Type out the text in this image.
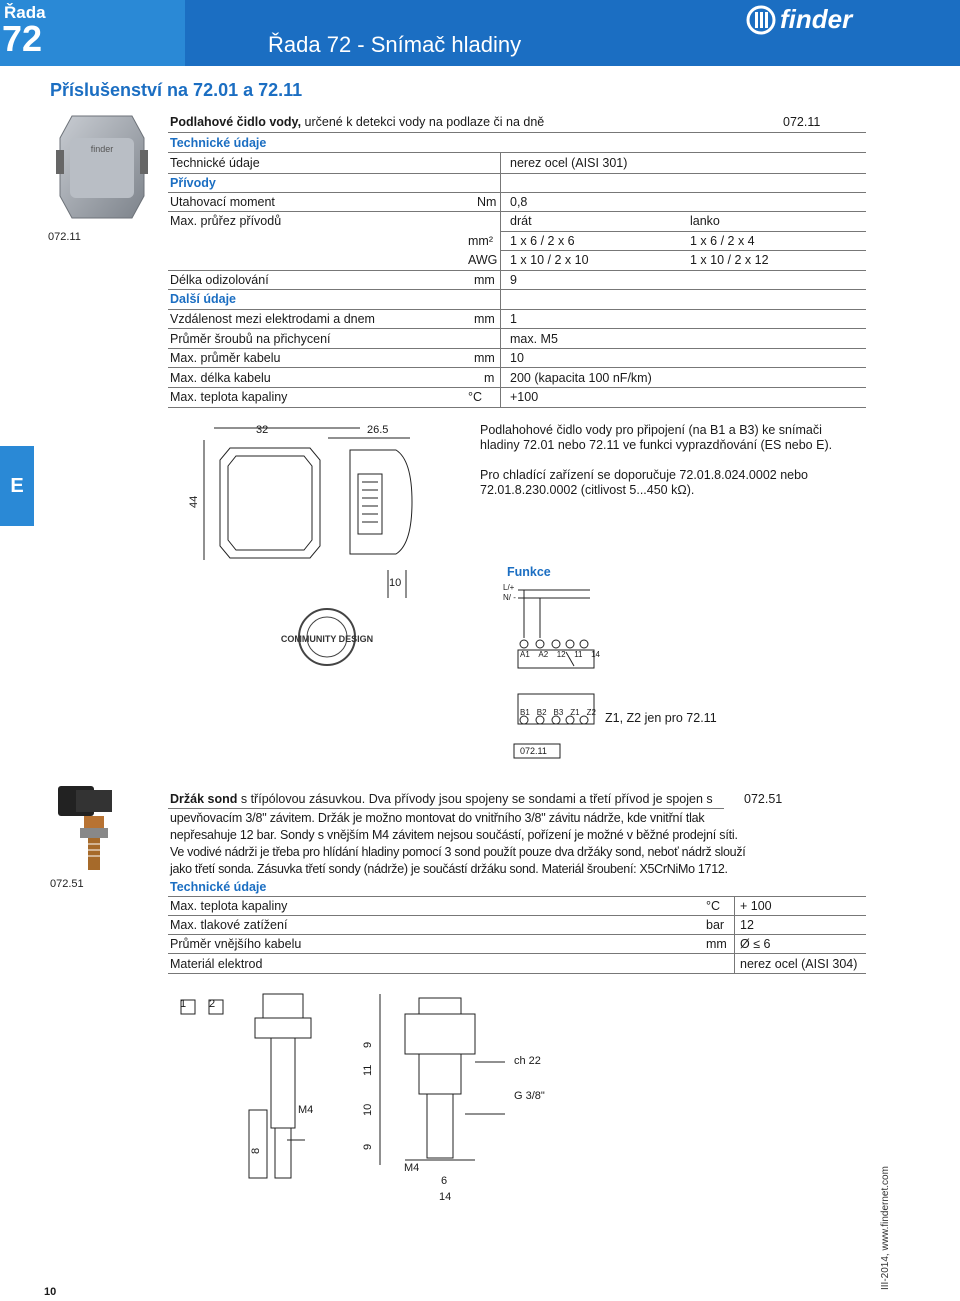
Řada
72	Řada 72 - Snímač hladiny
finder
Příslušenství na 72.01 a 72.11
finder
072.11
Podlahové čidlo vody, určené k detekci vody na podlaze či na dně	072.11
Technické údaje
Technické údaje	nerez ocel (AISI 301)
Přívody
Utahovací moment	Nm 0,8
Max. průřez přívodů	drát	lanko
mm² 1 x 6 / 2 x 6	1 x 6 / 2 x 4
AWG 1 x 10 / 2 x 10	1 x 10 / 2 x 12
Délka odizolování	mm 9
Další údaje
Vzdálenost mezi elektrodami a dnem	mm 1
Průměr šroubů na přichycení	max. M5
Max. průměr kabelu	mm 10
Max. délka kabelu	m 200 (kapacita 100 nF/km)
Max. teplota kapaliny	°C +100
E
32	26.5
44
10
COMMUNITY DESIGN
Podlahohové čidlo vody pro připojení (na B1 a B3) ke snímači hladiny 72.01 nebo 72.11 ve funkci vyprazdňování (ES nebo E).
Pro chladící zařízení se doporučuje 72.01.8.024.0002 nebo 72.01.8.230.0002 (citlivost 5...450 kΩ).
Funkce
L/+
N/ -
A1 A2 12 11 14
B1 B2 B3 Z1 Z2 Z1, Z2 jen pro 72.11
072.11
072.51
Držák sond s třípólovou zásuvkou. Dva přívody jsou spojeny se sondami a třetí přívod je spojen s	072.51
upevňovacím 3/8" závitem. Držák je možno montovat do vnitřního 3/8" závitu nádrže, kde vnitřní tlak
nepřesahuje 12 bar. Sondy s vnějším M4 závitem nejsou součástí, pořízení je možné v běžné prodejní síti.
Ve vodivé nádrži je třeba pro hlídání hladiny pomocí 3 sond použít pouze dva držáky sond, neboť nádrž slouží
jako třetí sonda. Zásuvka třetí sondy (nádrže) je součástí držáku sond. Materiál šroubení: X5CrNiMo 1712.
Technické údaje
Max. teplota kapaliny	°C + 100
Max. tlakové zatížení	bar 12
Průměr vnějšího kabelu	mm Ø ≤ 6
Materiál elektrod	nerez ocel (AISI 304)
1 2
M4
8
9
11
10
9
ch 22
G 3/8"
M4
6
14
10
III-2014, www.findernet.com
